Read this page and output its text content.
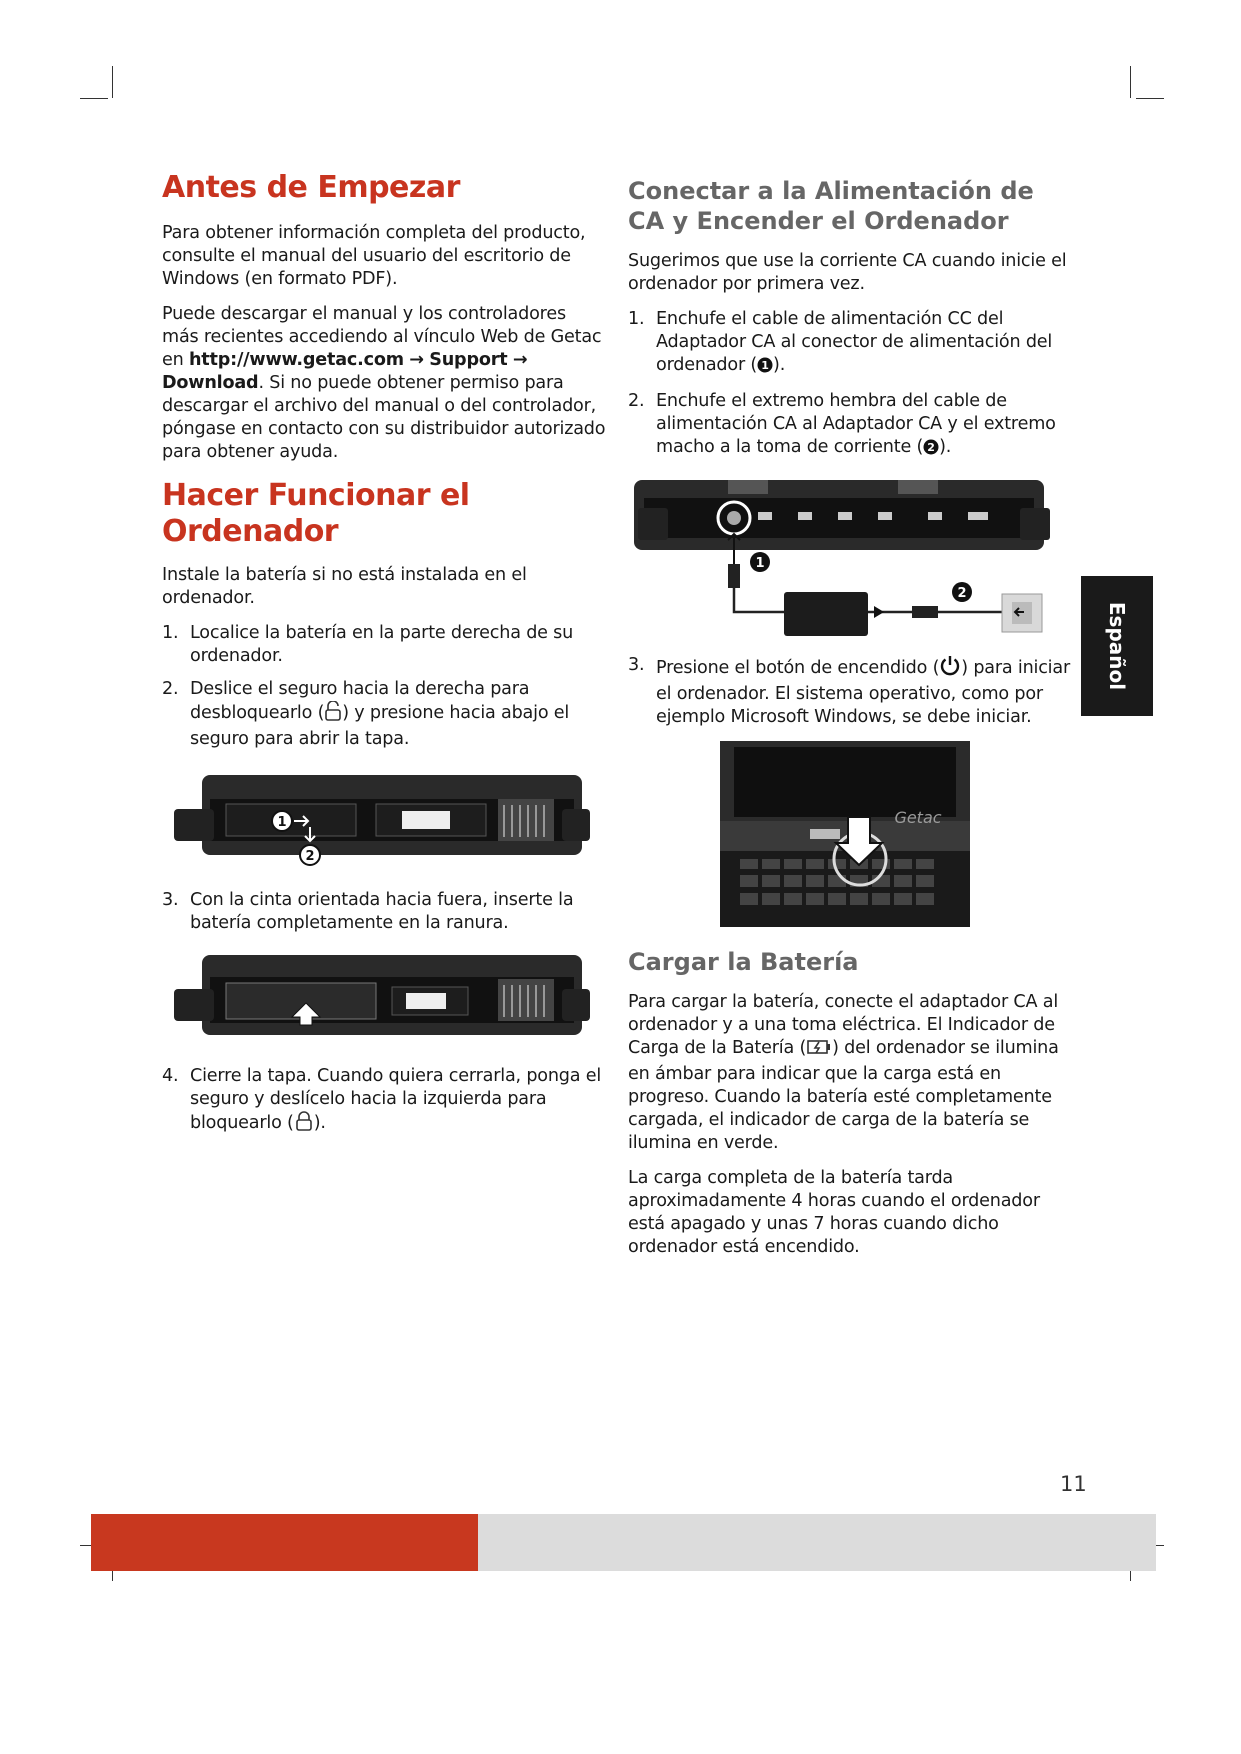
Antes de Empezar

Para obtener información completa del producto, consulte el manual del usuario del escritorio de Windows (en formato PDF).

Puede descargar el manual y los controladores más recientes accediendo al vínculo Web de Getac en http://www.getac.com → Support → Download. Si no puede obtener permiso para descargar el archivo del manual o del controlador, póngase en contacto con su distribuidor autorizado para obtener ayuda.

Hacer Funcionar el Ordenador

Instale la batería si no está instalada en el ordenador.

1. Localice la batería en la parte derecha de su ordenador.
2. Deslice el seguro hacia la derecha para desbloquearlo ( ) y presione hacia abajo el seguro para abrir la tapa.
1
2
3. Con la cinta orientada hacia fuera, inserte la batería completamente en la ranura.
4. Cierre la tapa. Cuando quiera cerrarla, ponga el seguro y deslícelo hacia la izquierda para bloquearlo ( ).
Conectar a la Alimentación de CA y Encender el Ordenador

Sugerimos que use la corriente CA cuando inicie el ordenador por primera vez.

1. Enchufe el cable de alimentación CC del Adaptador CA al conector de alimentación del ordenador ( 1 ).
2. Enchufe el extremo hembra del cable de alimentación CA al Adaptador CA y el extremo macho a la toma de corriente ( 2 ).
1
2
3. Presione el botón de encendido ( ) para iniciar el ordenador. El sistema operativo, como por ejemplo Microsoft Windows, se debe iniciar.
Getac
Cargar la Batería

Para cargar la batería, conecte el adaptador CA al ordenador y a una toma eléctrica. El Indicador de Carga de la Batería ( ) del ordenador se ilumina en ámbar para indicar que la carga está en progreso. Cuando la batería esté completamente cargada, el indicador de carga de la batería se ilumina en verde.

La carga completa de la batería tarda aproximadamente 4 horas cuando el ordenador está apagado y unas 7 horas cuando dicho ordenador está encendido.

Español
11
